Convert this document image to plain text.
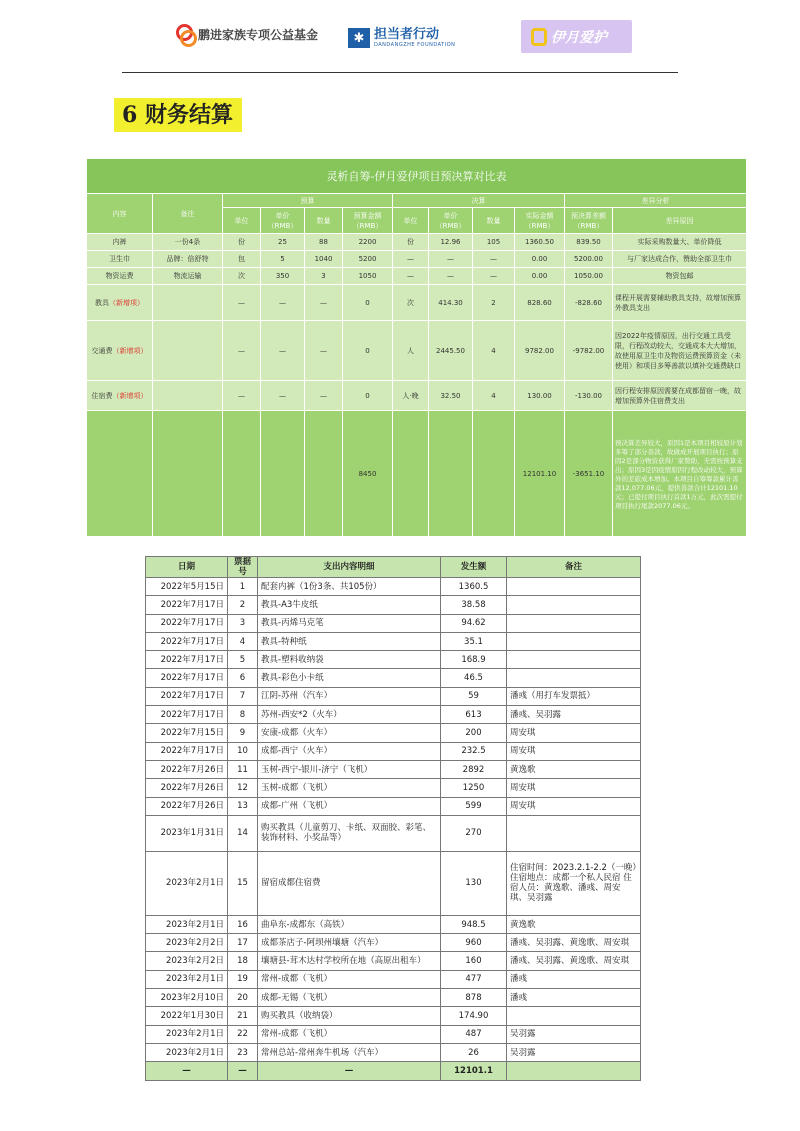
鹏进家族专项公益基金	✱ 担当者行动
DANDANGZHE FOUNDATION	伊月爱护
6 财务结算
灵析自筹-伊月爱伊项目预决算对比表											
内容	备注	预算				决算				差异分析	
		单位	单价（RMB）	数量	预算金额（RMB）	单位	单价（RMB）	数量	实际金额（RMB）	预决算差额（RMB）	差异原因
内裤	一份4条	份	25	88	2200	份	12.96	105	1360.50	839.50	实际采购数量大、单价降低
卫生巾	品牌：倍舒特	包	5	1040	5200	—	—	—	0.00	5200.00	与厂家达成合作，赞助全部卫生巾
物资运费	物流运输	次	350	3	1050	—	—	—	0.00	1050.00	物资包邮
教具（新增项）		—	—	—	0	次	414.30	2	828.60	-828.60	课程开展需要辅助教具支持，故增加预算外教具支出
交通费（新增项）		—	—	—	0	人	2445.50	4	9782.00	-9782.00	因2022年疫情原因，出行交通工具受限，行程改动较大，交通成本大大增加，故使用原卫生巾及物资运费预算资金（未使用）和项目多筹善款以填补交通费缺口
住宿费（新增项）		—	—	—	0	人·晚	32.50	4	130.00	-130.00	因行程安排原因需要在成都留宿一晚，故增加预算外住宿费支出
					8450				12101.10	-3651.10	预决算差异较大，原因1是本项目相较原计划多筹了部分善款，故做成开展项目执行；原因2是部分物资获得厂家赞助，无需按预算支出；原因3是因疫情原因行程改动较大，预算外的差旅成本增加。本项目自筹筹款累计善款12,077.06元，提供善款合计12101.10元；已提付项目执行首款1万元，此次需提付项目执行尾款2077.06元。
日期	票据号	支出内容明细	发生额	备注
2022年5月15日	1	配套内裤（1份3条、共105份）	1360.5	
2022年7月17日	2	教具-A3牛皮纸	38.58	
2022年7月17日	3	教具-丙烯马克笔	94.62	
2022年7月17日	4	教具-特种纸	35.1	
2022年7月17日	5	教具-塑料收纳袋	168.9	
2022年7月17日	6	教具-彩色小卡纸	46.5	
2022年7月17日	7	江阴-苏州（汽车）	59	潘彧（用打车发票抵）
2022年7月17日	8	苏州-西安*2（火车）	613	潘彧、吴羽露
2022年7月15日	9	安康-成都（火车）	200	周安琪
2022年7月17日	10	成都-西宁（火车）	232.5	周安琪
2022年7月26日	11	玉树-西宁-银川-济宁（飞机）	2892	黄逸歌
2022年7月26日	12	玉树-成都（飞机）	1250	周安琪
2022年7月26日	13	成都-广州（飞机）	599	周安琪
2023年1月31日	14	购买教具（儿童剪刀、卡纸、双面胶、彩笔、装饰材料、小奖品等）	270	
2023年2月1日	15	留宿成都住宿费	130	住宿时间：2023.2.1-2.2（一晚）住宿地点：成都一个私人民宿 住宿人员：黄逸歌、潘彧、周安琪、吴羽露
2023年2月1日	16	曲阜东-成都东（高铁）	948.5	黄逸歌
2023年2月2日	17	成都茶店子-阿坝州壤塘（汽车）	960	潘彧、吴羽露、黄逸歌、周安琪
2023年2月2日	18	壤塘县-茸木达村学校所在地（高原出租车）	160	潘彧、吴羽露、黄逸歌、周安琪
2023年2月1日	19	常州-成都（飞机）	477	潘彧
2023年2月10日	20	成都-无锡（飞机）	878	潘彧
2022年1月30日	21	购买教具（收纳袋）	174.90	
2023年2月1日	22	常州-成都（飞机）	487	吴羽露
2023年2月1日	23	常州总站-常州奔牛机场（汽车）	26	吴羽露
—	—	—	12101.1	
